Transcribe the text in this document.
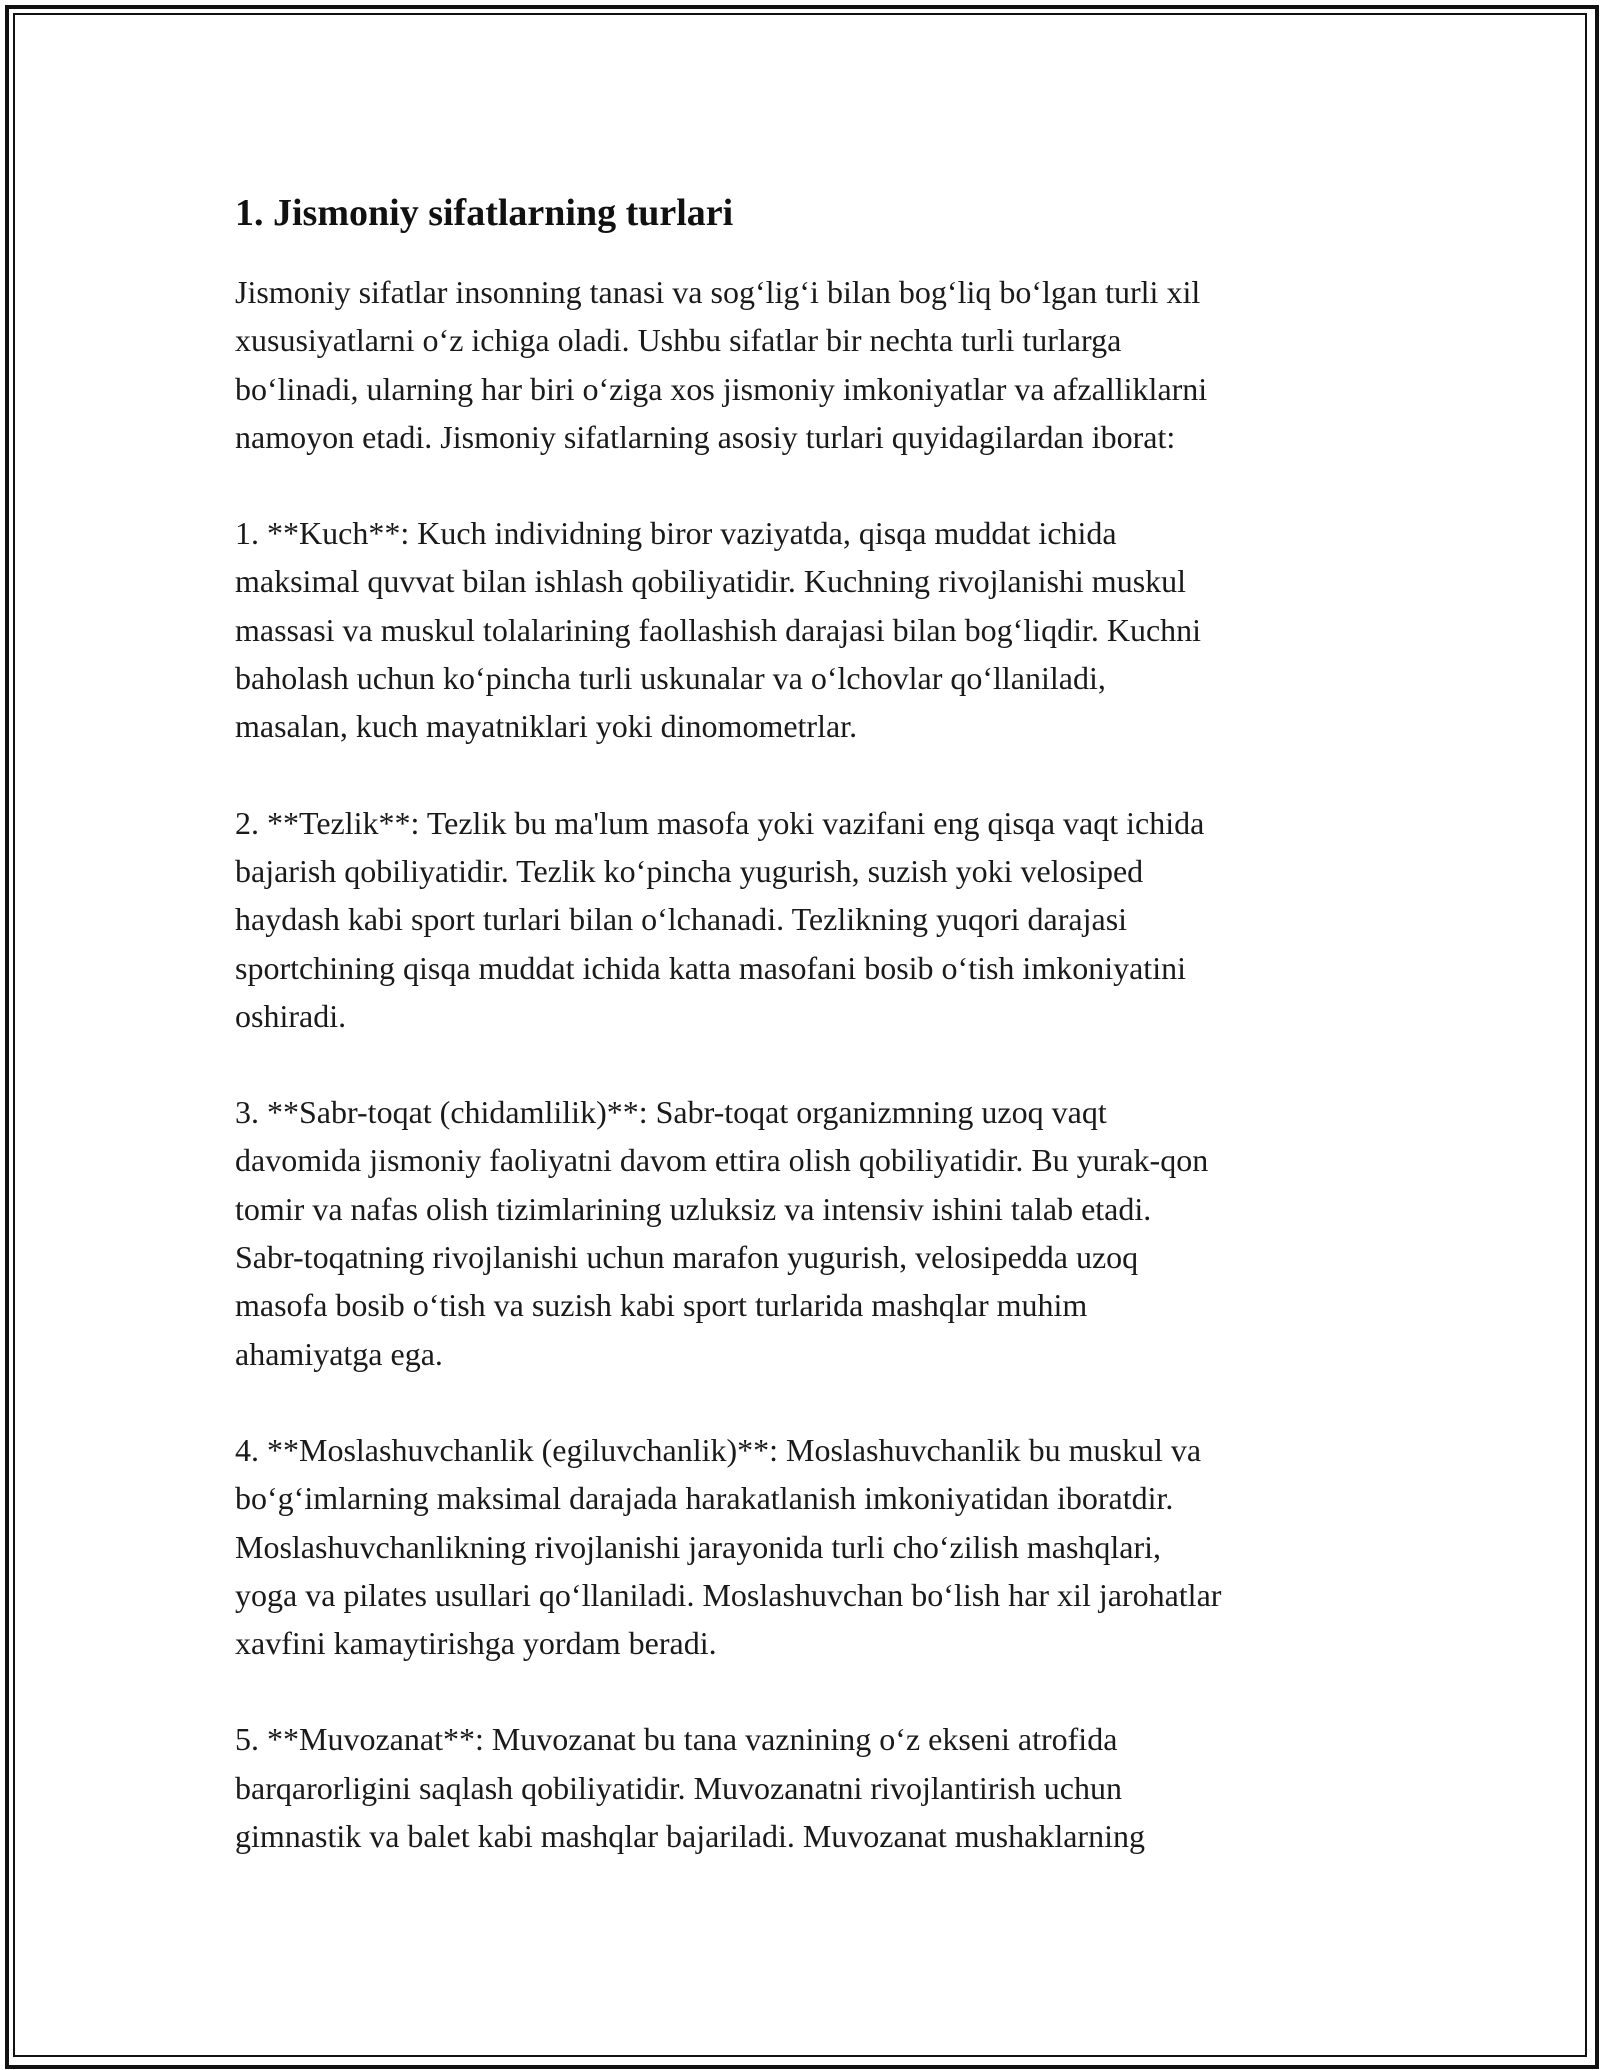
1. Jismoniy sifatlarning turlari

Jismoniy sifatlar insonning tanasi va sog‘lig‘i bilan bog‘liq bo‘lgan turli xil
xususiyatlarni o‘z ichiga oladi. Ushbu sifatlar bir nechta turli turlarga
bo‘linadi, ularning har biri o‘ziga xos jismoniy imkoniyatlar va afzalliklarni
namoyon etadi. Jismoniy sifatlarning asosiy turlari quyidagilardan iborat:

1. **Kuch**: Kuch individning biror vaziyatda, qisqa muddat ichida
maksimal quvvat bilan ishlash qobiliyatidir. Kuchning rivojlanishi muskul
massasi va muskul tolalarining faollashish darajasi bilan bog‘liqdir. Kuchni
baholash uchun ko‘pincha turli uskunalar va o‘lchovlar qo‘llaniladi,
masalan, kuch mayatniklari yoki dinomometrlar.

2. **Tezlik**: Tezlik bu ma'lum masofa yoki vazifani eng qisqa vaqt ichida
bajarish qobiliyatidir. Tezlik ko‘pincha yugurish, suzish yoki velosiped
haydash kabi sport turlari bilan o‘lchanadi. Tezlikning yuqori darajasi
sportchining qisqa muddat ichida katta masofani bosib o‘tish imkoniyatini
oshiradi.

3. **Sabr-toqat (chidamlilik)**: Sabr-toqat organizmning uzoq vaqt
davomida jismoniy faoliyatni davom ettira olish qobiliyatidir. Bu yurak-qon
tomir va nafas olish tizimlarining uzluksiz va intensiv ishini talab etadi.
Sabr-toqatning rivojlanishi uchun marafon yugurish, velosipedda uzoq
masofa bosib o‘tish va suzish kabi sport turlarida mashqlar muhim
ahamiyatga ega.

4. **Moslashuvchanlik (egiluvchanlik)**: Moslashuvchanlik bu muskul va
bo‘g‘imlarning maksimal darajada harakatlanish imkoniyatidan iboratdir.
Moslashuvchanlikning rivojlanishi jarayonida turli cho‘zilish mashqlari,
yoga va pilates usullari qo‘llaniladi. Moslashuvchan bo‘lish har xil jarohatlar
xavfini kamaytirishga yordam beradi.

5. **Muvozanat**: Muvozanat bu tana vaznining o‘z ekseni atrofida
barqarorligini saqlash qobiliyatidir. Muvozanatni rivojlantirish uchun
gimnastik va balet kabi mashqlar bajariladi. Muvozanat mushaklarning
